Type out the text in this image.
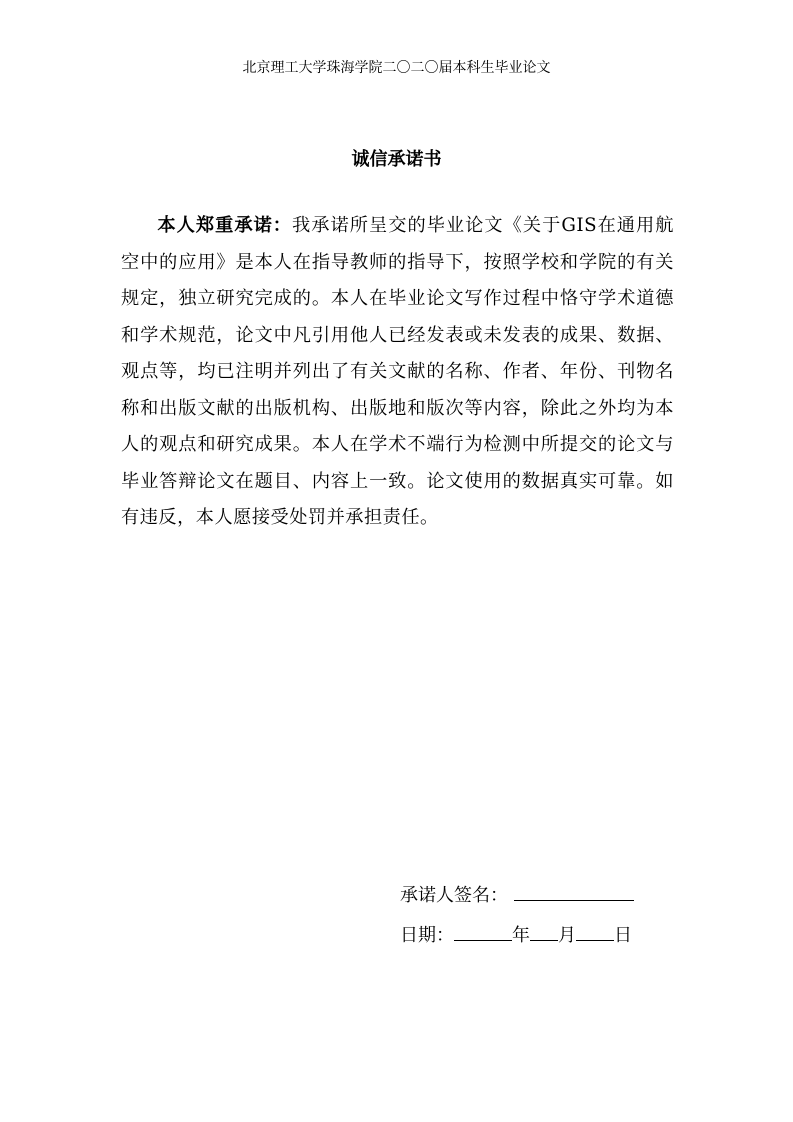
北京理工大学珠海学院二〇二〇届本科生毕业论文
诚信承诺书
本人郑重承诺：我承诺所呈交的毕业论文《关于GIS在通用航空中的应用》是本人在指导教师的指导下，按照学校和学院的有关规定，独立研究完成的。本人在毕业论文写作过程中恪守学术道德和学术规范，论文中凡引用他人已经发表或未发表的成果、数据、观点等，均已注明并列出了有关文献的名称、作者、年份、刊物名称和出版文献的出版机构、出版地和版次等内容，除此之外均为本人的观点和研究成果。本人在学术不端行为检测中所提交的论文与毕业答辩论文在题目、内容上一致。论文使用的数据真实可靠。如有违反，本人愿接受处罚并承担责任。
承诺人签名：
日期：	年 月 日
